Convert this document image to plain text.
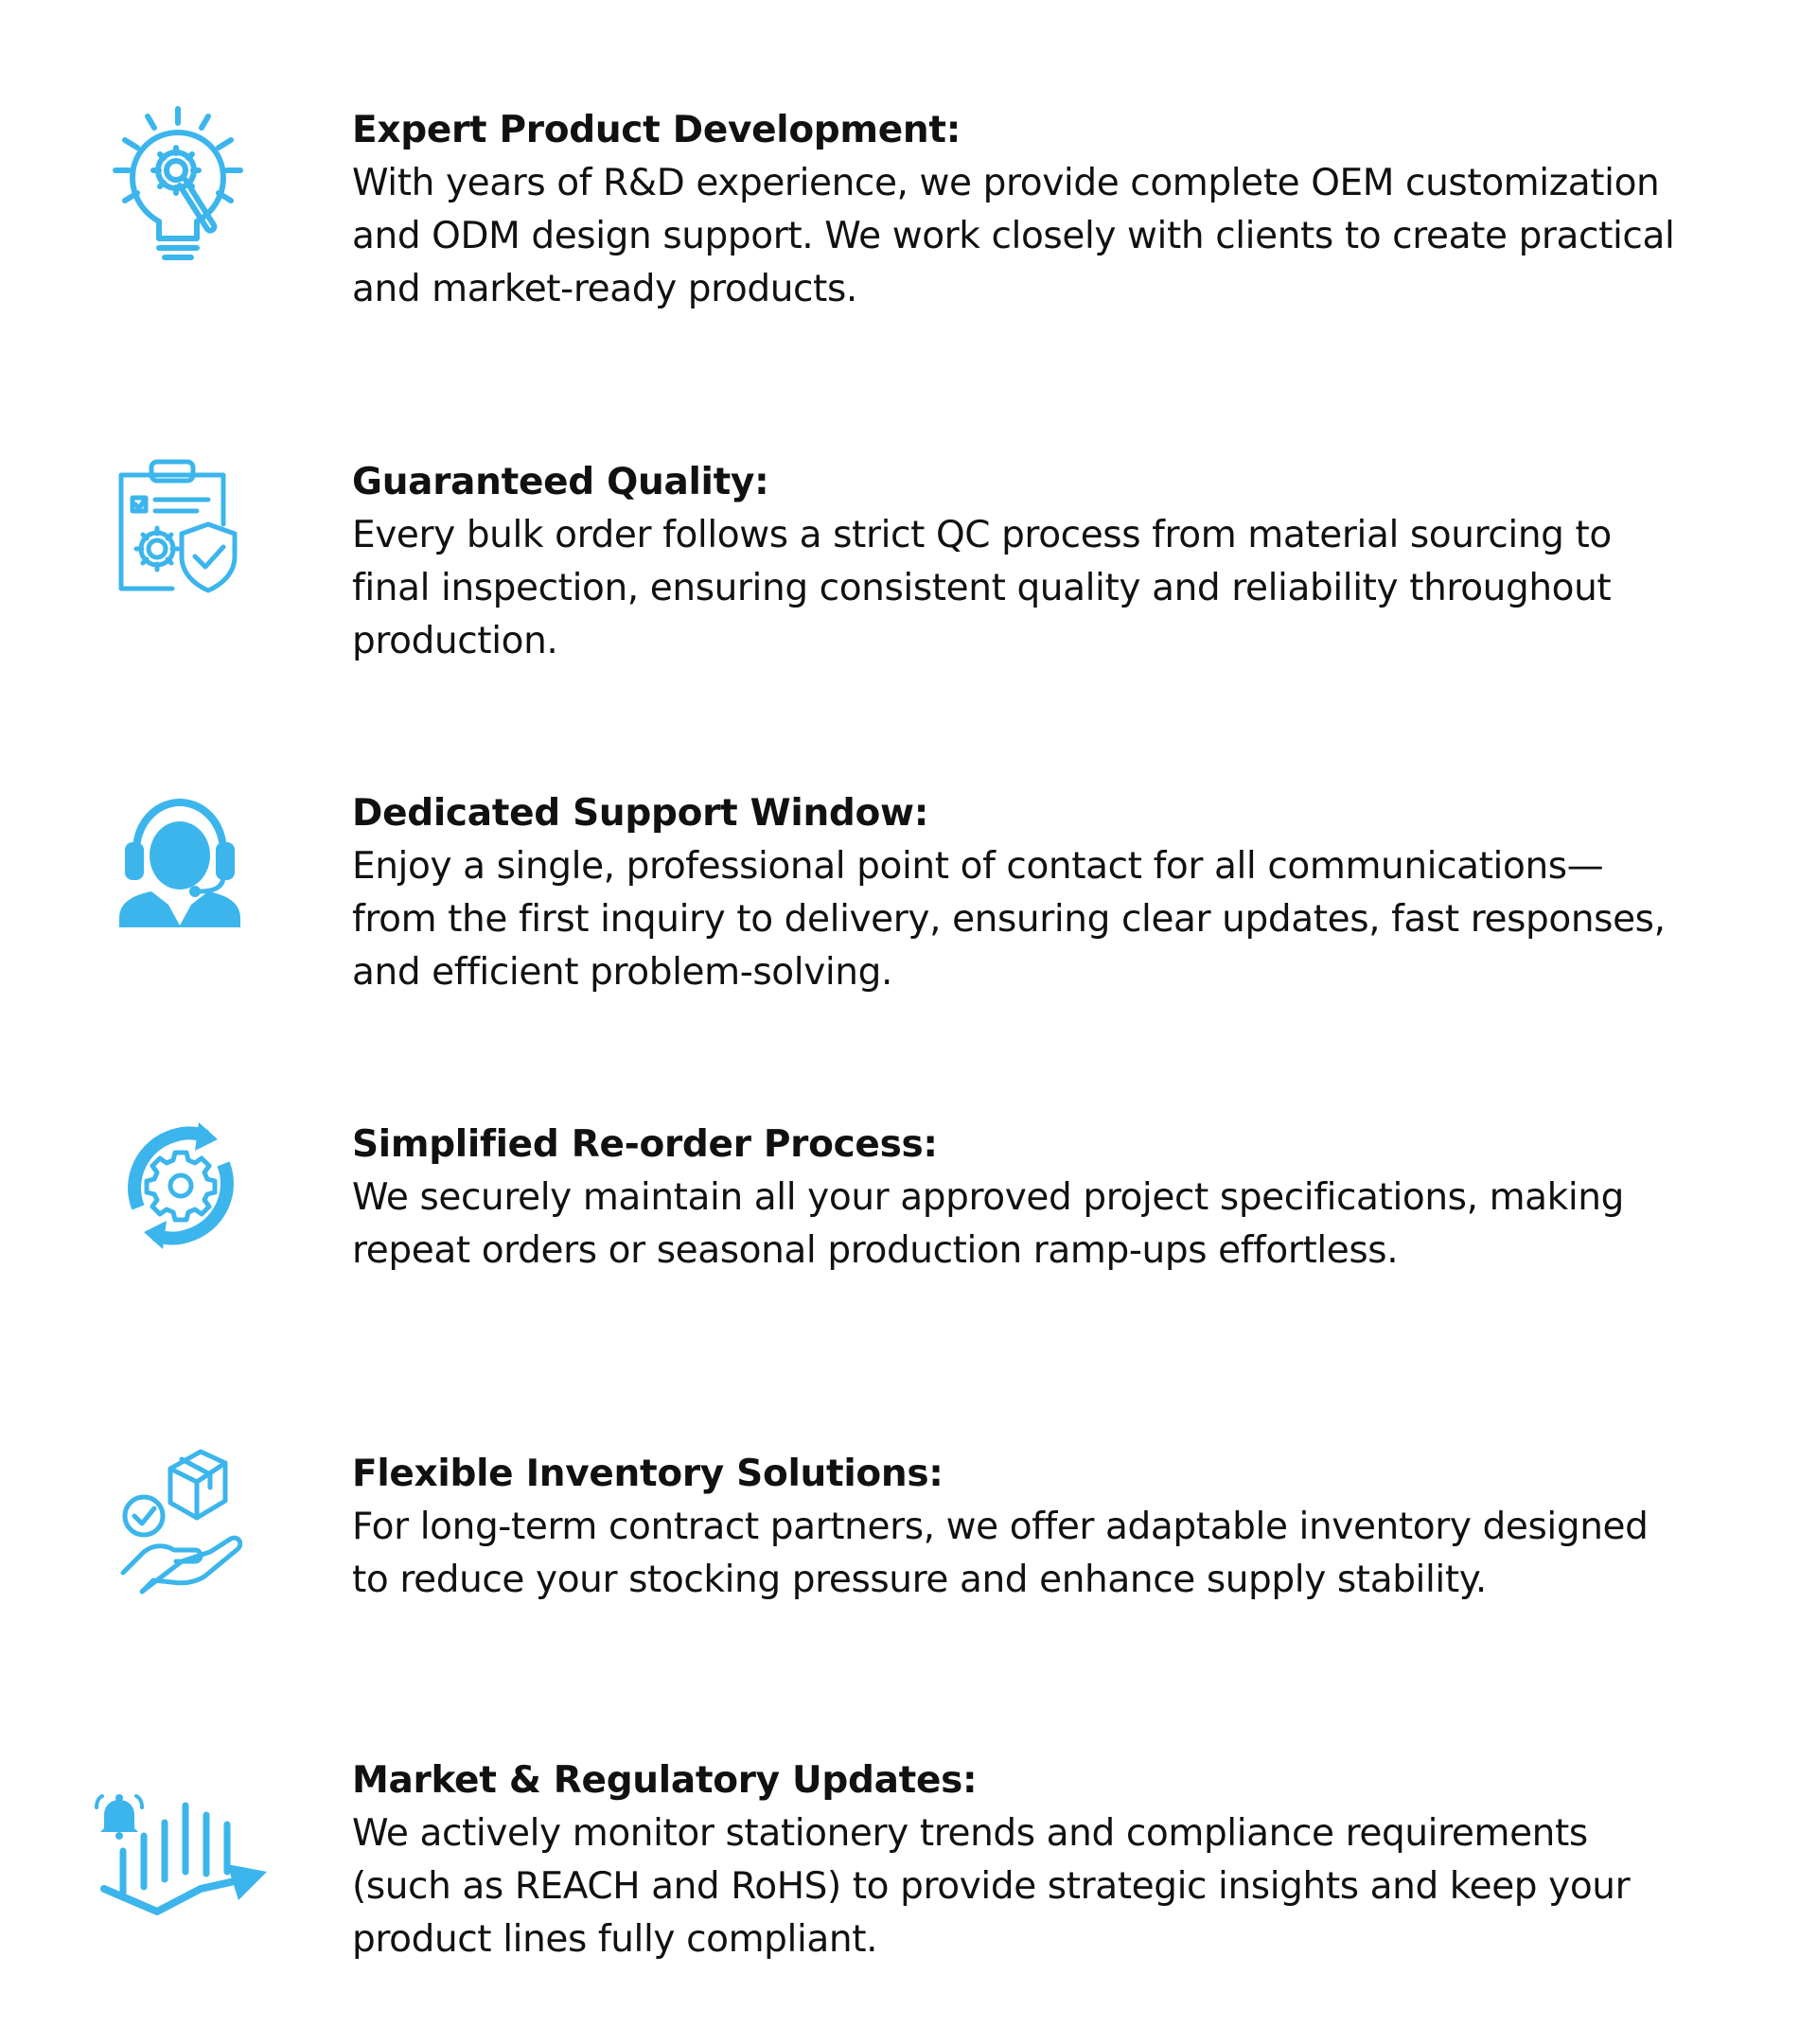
Expert Product Development:

With years of R&D experience, we provide complete OEM customization

and ODM design support. We work closely with clients to create practical

and market-ready products.

Guaranteed Quality:

Every bulk order follows a strict QC process from material sourcing to

final inspection, ensuring consistent quality and reliability throughout

production.

Dedicated Support Window:

Enjoy a single, professional point of contact for all communications—

from the first inquiry to delivery, ensuring clear updates, fast responses,

and efficient problem-solving.

Simplified Re-order Process:

We securely maintain all your approved project specifications, making

repeat orders or seasonal production ramp-ups effortless.

Flexible Inventory Solutions:

For long-term contract partners, we offer adaptable inventory designed

to reduce your stocking pressure and enhance supply stability.

Market & Regulatory Updates:

We actively monitor stationery trends and compliance requirements

(such as REACH and RoHS) to provide strategic insights and keep your

product lines fully compliant.
